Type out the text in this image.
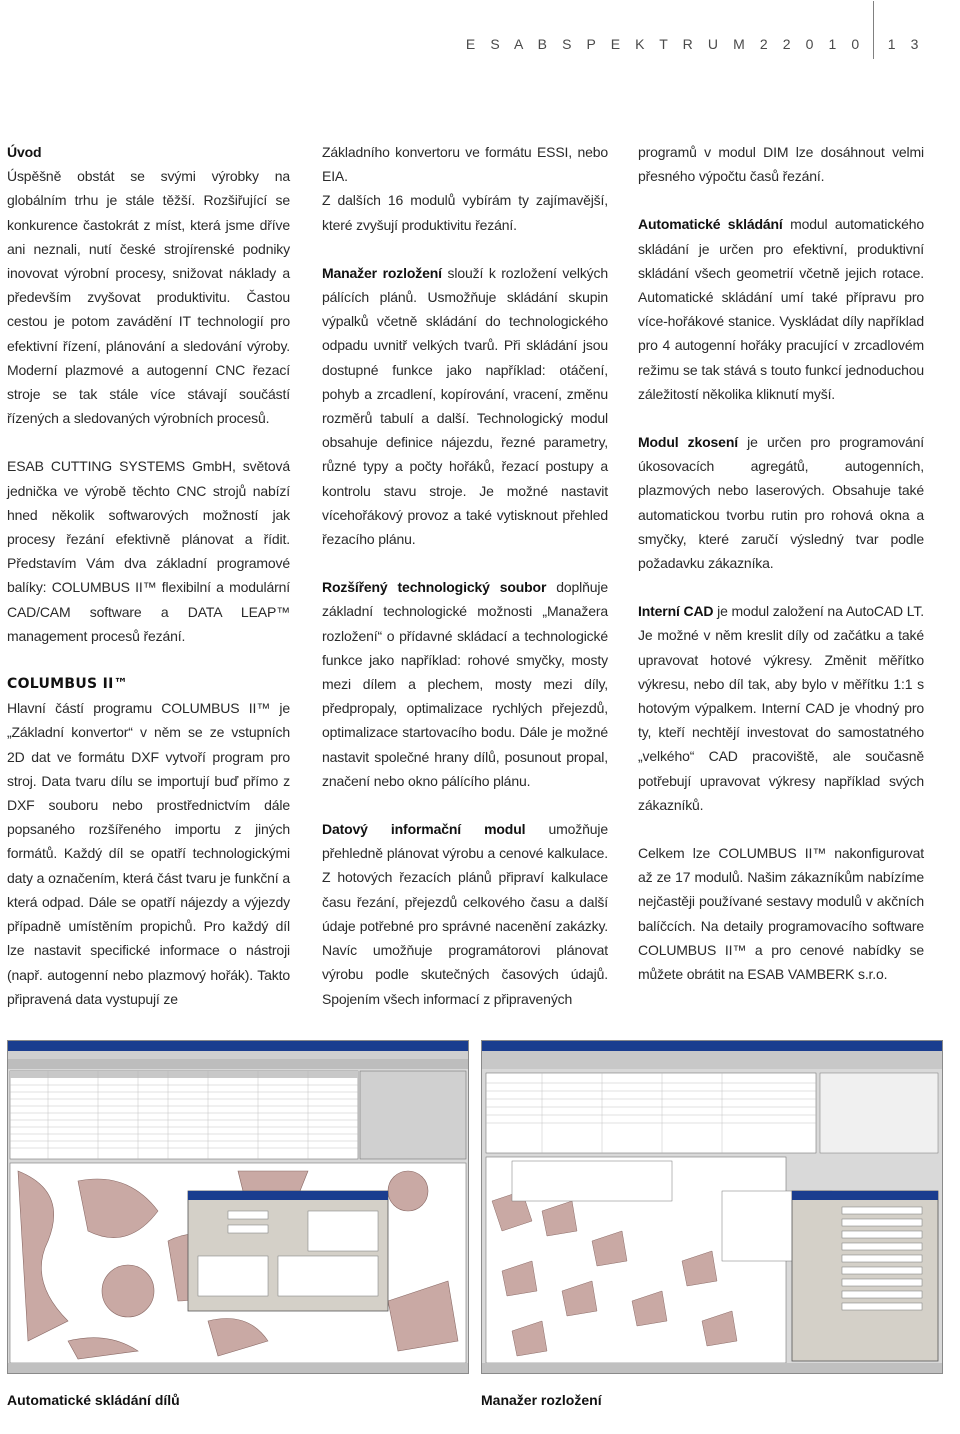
E S A B S P E K T R U M 2 2 0 1 0 1 3
Úvod

Úspěšně obstát se svými výrobky na globálním trhu je stále těžší. Rozšiřující se konkurence častokrát z míst, která jsme dříve ani neznali, nutí české strojírenské podniky inovovat výrobní procesy, snižovat náklady a především zvyšovat produktivitu. Častou cestou je potom zavádění IT technologií pro efektivní řízení, plánování a sledování výroby. Moderní plazmové a autogenní CNC řezací stroje se tak stále více stávají součástí řízených a sledovaných výrobních procesů.

ESAB CUTTING SYSTEMS GmbH, světová jednička ve výrobě těchto CNC strojů nabízí hned několik softwarových možností jak procesy řezání efektivně plánovat a řídit. Představím Vám dva základní programové balíky: COLUMBUS II™ flexibilní a modulární CAD/CAM software a DATA LEAP™ management procesů řezání.

COLUMBUS II™

Hlavní částí programu COLUMBUS II™ je „Základní konvertor“ v něm se ze vstupních 2D dat ve formátu DXF vytvoří program pro stroj. Data tvaru dílu se importují buď přímo z DXF souboru nebo prostřednictvím dále popsaného rozšířeného importu z jiných formátů. Každý díl se opatří technologickými daty a označením, která část tvaru je funkční a která odpad. Dále se opatří nájezdy a výjezdy případně umístěním propichů. Pro každý díl lze nastavit specifické informace o nástroji (např. autogenní nebo plazmový hořák). Takto připravená data vystupují ze

Základního konvertoru ve formátu ESSI, nebo EIA.

Z dalších 16 modulů vybírám ty zajímavější, které zvyšují produktivitu řezání.

Manažer rozložení slouží k rozložení velkých pálících plánů. Usmožňuje skládání skupin výpalků včetně skládání do technologického odpadu uvnitř velkých tvarů. Při skládání jsou dostupné funkce jako například: otáčení, pohyb a zrcadlení, kopírování, vracení, změnu rozměrů tabulí a další. Technologický modul obsahuje definice nájezdu, řezné parametry, různé typy a počty hořáků, řezací postupy a kontrolu stavu stroje. Je možné nastavit vícehořákový provoz a také vytisknout přehled řezacího plánu.

Rozšířený technologický soubor doplňuje základní technologické možnosti „Manažera rozložení“ o přídavné skládací a technologické funkce jako například: rohové smyčky, mosty mezi dílem a plechem, mosty mezi díly, předpropaly, optimalizace rychlých přejezdů, optimalizace startovacího bodu. Dále je možné nastavit společné hrany dílů, posunout propal, značení nebo okno pálícího plánu.

Datový informační modul umožňuje přehledně plánovat výrobu a cenové kalkulace. Z hotových řezacích plánů připraví kalkulace času řezání, přejezdů celkového času a další údaje potřebné pro správné nacenění zakázky. Navíc umožňuje programátorovi plánovat výrobu podle skutečných časových údajů. Spojením všech informací z připravených

programů v modul DIM lze dosáhnout velmi přesného výpočtu časů řezání.

Automatické skládání modul automatického skládání je určen pro efektivní, produktivní skládání všech geometrií včetně jejich rotace. Automatické skládání umí také přípravu pro více-hořákové stanice. Vyskládat díly například pro 4 autogenní hořáky pracující v zrcadlovém režimu se tak stává s touto funkcí jednoduchou záležitostí několika kliknutí myší.

Modul zkosení je určen pro programování úkosovacích agregátů, autogenních, plazmových nebo laserových. Obsahuje také automatickou tvorbu rutin pro rohová okna a smyčky, které zaručí výsledný tvar podle požadavku zákazníka.

Interní CAD je modul založení na AutoCAD LT. Je možné v něm kreslit díly od začátku a také upravovat hotové výkresy. Změnit měřítko výkresu, nebo díl tak, aby bylo v měřítku 1:1 s hotovým výpalkem. Interní CAD je vhodný pro ty, kteří nechtějí investovat do samostatného „velkého“ CAD pracoviště, ale současně potřebují upravovat výkresy například svých zákazníků.

Celkem lze COLUMBUS II™ nakonfigurovat až ze 17 modulů. Našim zákazníkům nabízíme nejčastěji používané sestavy modulů v akčních balíčcích. Na detaily programovacího software COLUMBUS II™ a pro cenové nabídky se můžete obrátit na ESAB VAMBERK s.r.o.

Automatické skládání dílů	Manažer rozložení
